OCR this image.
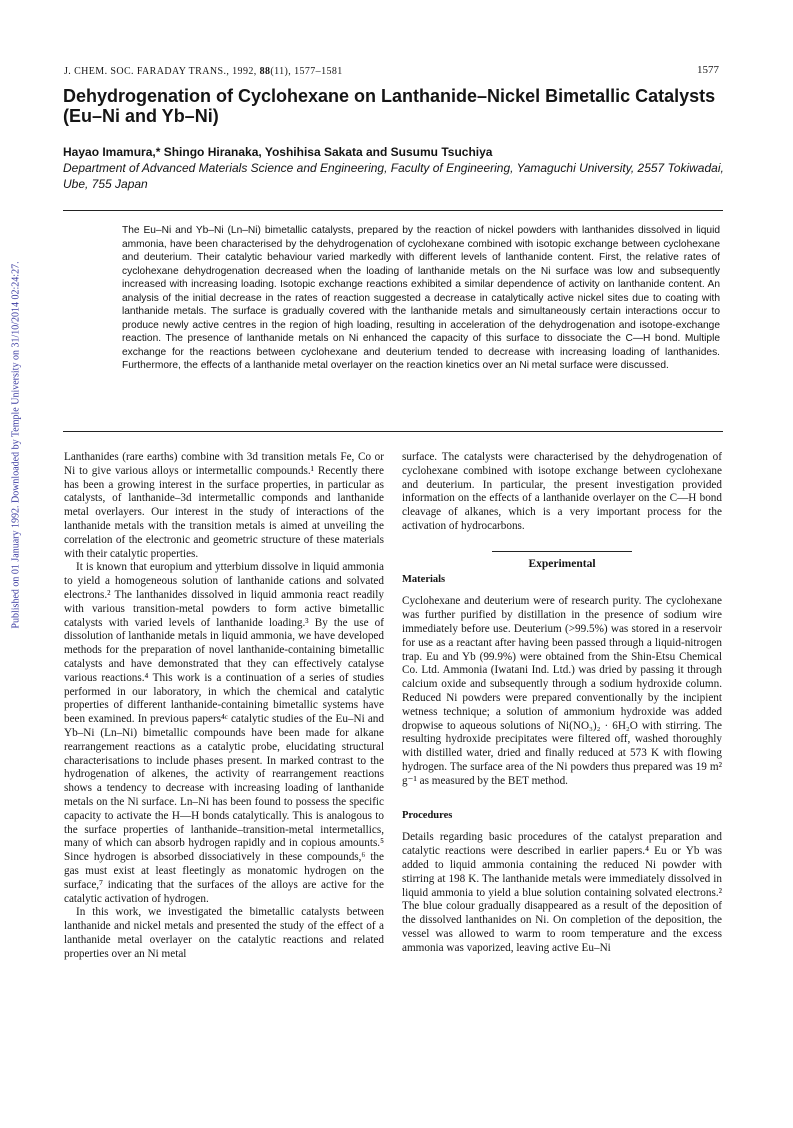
J. CHEM. SOC. FARADAY TRANS., 1992, 88(11), 1577–1581	1577
Dehydrogenation of Cyclohexane on Lanthanide–Nickel Bimetallic Catalysts (Eu–Ni and Yb–Ni)
Hayao Imamura,* Shingo Hiranaka, Yoshihisa Sakata and Susumu Tsuchiya
Department of Advanced Materials Science and Engineering, Faculty of Engineering, Yamaguchi University, 2557 Tokiwadai, Ube, 755 Japan
The Eu–Ni and Yb–Ni (Ln–Ni) bimetallic catalysts, prepared by the reaction of nickel powders with lanthanides dissolved in liquid ammonia, have been characterised by the dehydrogenation of cyclohexane combined with isotopic exchange between cyclohexane and deuterium. Their catalytic behaviour varied markedly with different levels of lanthanide content. First, the relative rates of cyclohexane dehydrogenation decreased when the loading of lanthanide metals on the Ni surface was low and subsequently increased with increasing loading. Isotopic exchange reactions exhibited a similar dependence of activity on lanthanide content. An analysis of the initial decrease in the rates of reaction suggested a decrease in catalytically active nickel sites due to coating with lanthanide metals. The surface is gradually covered with the lanthanide metals and simultaneously certain interactions occur to produce newly active centres in the region of high loading, resulting in acceleration of the dehydrogenation and isotope-exchange reaction. The presence of lanthanide metals on Ni enhanced the capacity of this surface to dissociate the C—H bond. Multiple exchange for the reactions between cyclohexane and deuterium tended to decrease with increasing loading of lanthanides. Furthermore, the effects of a lanthanide metal overlayer on the reaction kinetics over an Ni metal surface were discussed.
Published on 01 January 1992. Downloaded by Temple University on 31/10/2014 02:24:27.	Lanthanides (rare earths) combine with 3d transition metals Fe, Co or Ni to give various alloys or intermetallic compounds.¹ Recently there has been a growing interest in the surface properties, in particular as catalysts, of lanthanide–3d intermetallic componds and lanthanide metal overlayers. Our interest in the study of interactions of the lanthanide metals with the transition metals is aimed at unveiling the correlation of the electronic and geometric structure of these materials with their catalytic properties.

It is known that europium and ytterbium dissolve in liquid ammonia to yield a homogeneous solution of lanthanide cations and solvated electrons.² The lanthanides dissolved in liquid ammonia react readily with various transition-metal powders to form active bimetallic catalysts with varied levels of lanthanide loading.³ By the use of dissolution of lanthanide metals in liquid ammonia, we have developed methods for the preparation of novel lanthanide-containing bimetallic catalysts and have demonstrated that they can effectively catalyse various reactions.⁴ This work is a continuation of a series of studies performed in our laboratory, in which the chemical and catalytic properties of different lanthanide-containing bimetallic systems have been examined. In previous papers⁴ᶜ catalytic studies of the Eu–Ni and Yb–Ni (Ln–Ni) bimetallic compounds have been made for alkane rearrangement reactions as a catalytic probe, elucidating structural characterisations to include phases present. In marked contrast to the hydrogenation of alkenes, the activity of rearrangement reactions shows a tendency to decrease with increasing loading of lanthanide metals on the Ni surface. Ln–Ni has been found to possess the specific capacity to activate the H—H bonds catalytically. This is analogous to the surface properties of lanthanide–transition-metal intermetallics, many of which can absorb hydrogen rapidly and in copious amounts.⁵ Since hydrogen is absorbed dissociatively in these compounds,⁶ the gas must exist at least fleetingly as monatomic hydrogen on the surface,⁷ indicating that the surfaces of the alloys are active for the catalytic activation of hydrogen.

In this work, we investigated the bimetallic catalysts between lanthanide and nickel metals and presented the study of the effect of a lanthanide metal overlayer on the catalytic reactions and related properties over an Ni metal

surface. The catalysts were characterised by the dehydrogenation of cyclohexane combined with isotope exchange between cyclohexane and deuterium. In particular, the present investigation provided information on the effects of a lanthanide overlayer on the C—H bond cleavage of alkanes, which is a very important process for the activation of hydrocarbons.

Experimental

Materials

Cyclohexane and deuterium were of research purity. The cyclohexane was further purified by distillation in the presence of sodium wire immediately before use. Deuterium (>99.5%) was stored in a reservoir for use as a reactant after having been passed through a liquid-nitrogen trap. Eu and Yb (99.9%) were obtained from the Shin-Etsu Chemical Co. Ltd. Ammonia (Iwatani Ind. Ltd.) was dried by passing it through calcium oxide and subsequently through a sodium hydroxide column. Reduced Ni powders were prepared conventionally by the incipient wetness technique; a solution of ammonium hydroxide was added dropwise to aqueous solutions of Ni(NO₃)₂ · 6H₂O with stirring. The resulting hydroxide precipitates were filtered off, washed thoroughly with distilled water, dried and finally reduced at 573 K with flowing hydrogen. The surface area of the Ni powders thus prepared was 19 m² g⁻¹ as measured by the BET method.

Procedures

Details regarding basic procedures of the catalyst preparation and catalytic reactions were described in earlier papers.⁴ Eu or Yb was added to liquid ammonia containing the reduced Ni powder with stirring at 198 K. The lanthanide metals were immediately dissolved in liquid ammonia to yield a blue solution containing solvated electrons.² The blue colour gradually disappeared as a result of the deposition of the dissolved lanthanides on Ni. On completion of the deposition, the vessel was allowed to warm to room temperature and the excess ammonia was vaporized, leaving active Eu–Ni
